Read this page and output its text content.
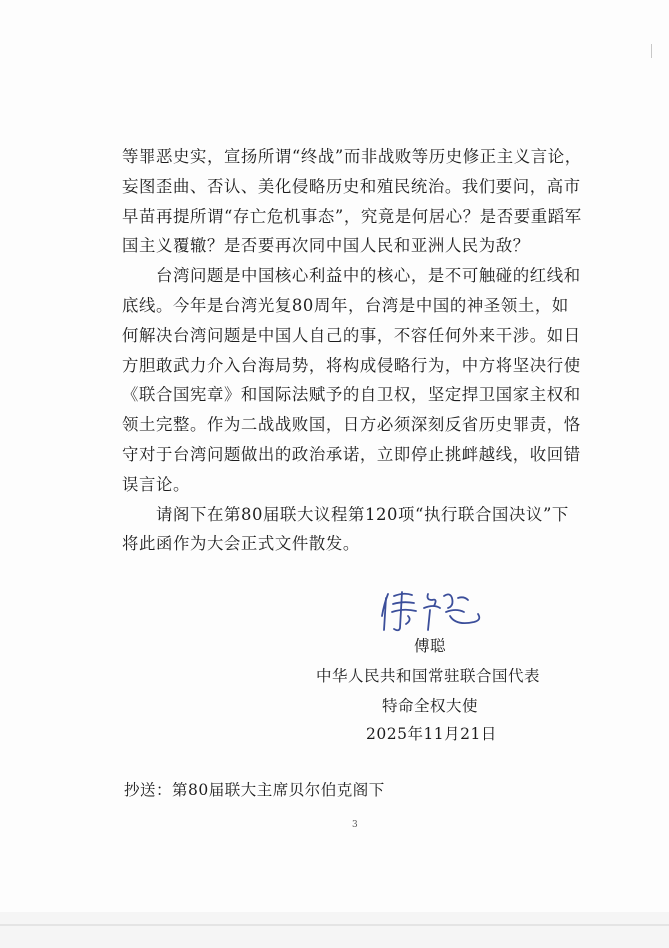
等罪恶史实，宣扬所谓“终战”而非战败等历史修正主义言论，妄图歪曲、否认、美化侵略历史和殖民统治。我们要问，高市早苗再提所谓“存亡危机事态”，究竟是何居心？是否要重蹈军国主义覆辙？是否要再次同中国人民和亚洲人民为敌？

台湾问题是中国核心利益中的核心，是不可触碰的红线和底线。今年是台湾光复80周年，台湾是中国的神圣领土，如何解决台湾问题是中国人自己的事，不容任何外来干涉。如日方胆敢武力介入台海局势，将构成侵略行为，中方将坚决行使《联合国宪章》和国际法赋予的自卫权，坚定捍卫国家主权和领土完整。作为二战战败国，日方必须深刻反省历史罪责，恪守对于台湾问题做出的政治承诺，立即停止挑衅越线，收回错误言论。

请阁下在第80届联大议程第120项“执行联合国决议”下将此函作为大会正式文件散发。

傅聪
中华人民共和国常驻联合国代表
特命全权大使
2025年11月21日
抄送：第80届联大主席贝尔伯克阁下
3
